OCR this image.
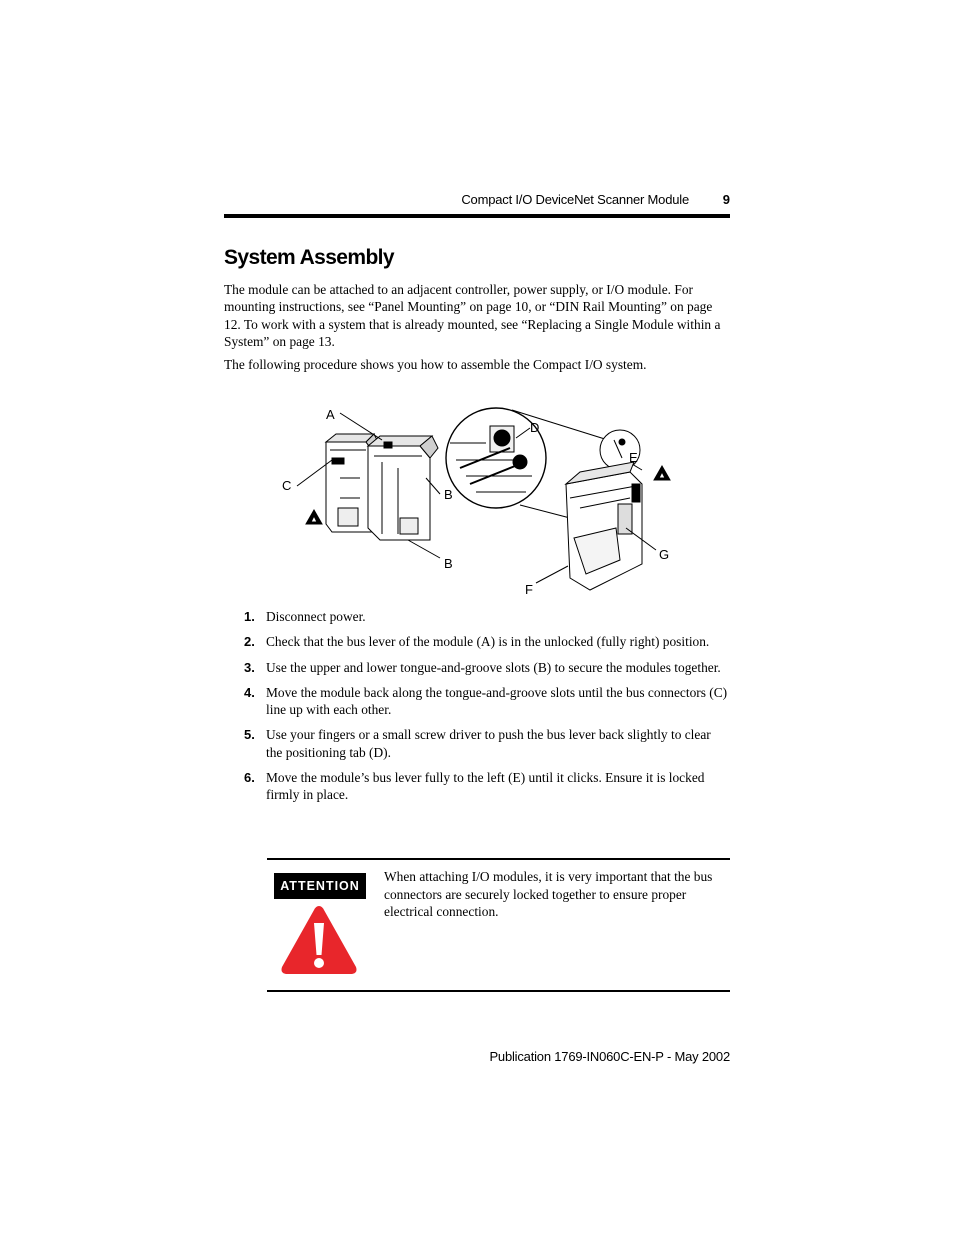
Compact I/O DeviceNet Scanner Module	9
System Assembly

The module can be attached to an adjacent controller, power supply, or I/O module. For mounting instructions, see “Panel Mounting” on page 10, or “DIN Rail Mounting” on page 12. To work with a system that is already mounted, see “Replacing a Single Module within a System” on page 13.

The following procedure shows you how to assemble the Compact I/O system.

A
C
B
B
D
E
F
G
1. Disconnect power.
2. Check that the bus lever of the module (A) is in the unlocked (fully right) position.
3. Use the upper and lower tongue-and-groove slots (B) to secure the modules together.
4. Move the module back along the tongue-and-groove slots until the bus connectors (C) line up with each other.
5. Use your fingers or a small screw driver to push the bus lever back slightly to clear the positioning tab (D).
6. Move the module’s bus lever fully to the left (E) until it clicks. Ensure it is locked firmly in place.
ATTENTION

When attaching I/O modules, it is very important that the bus connectors are securely locked together to ensure proper electrical connection.

Publication 1769-IN060C-EN-P - May 2002
